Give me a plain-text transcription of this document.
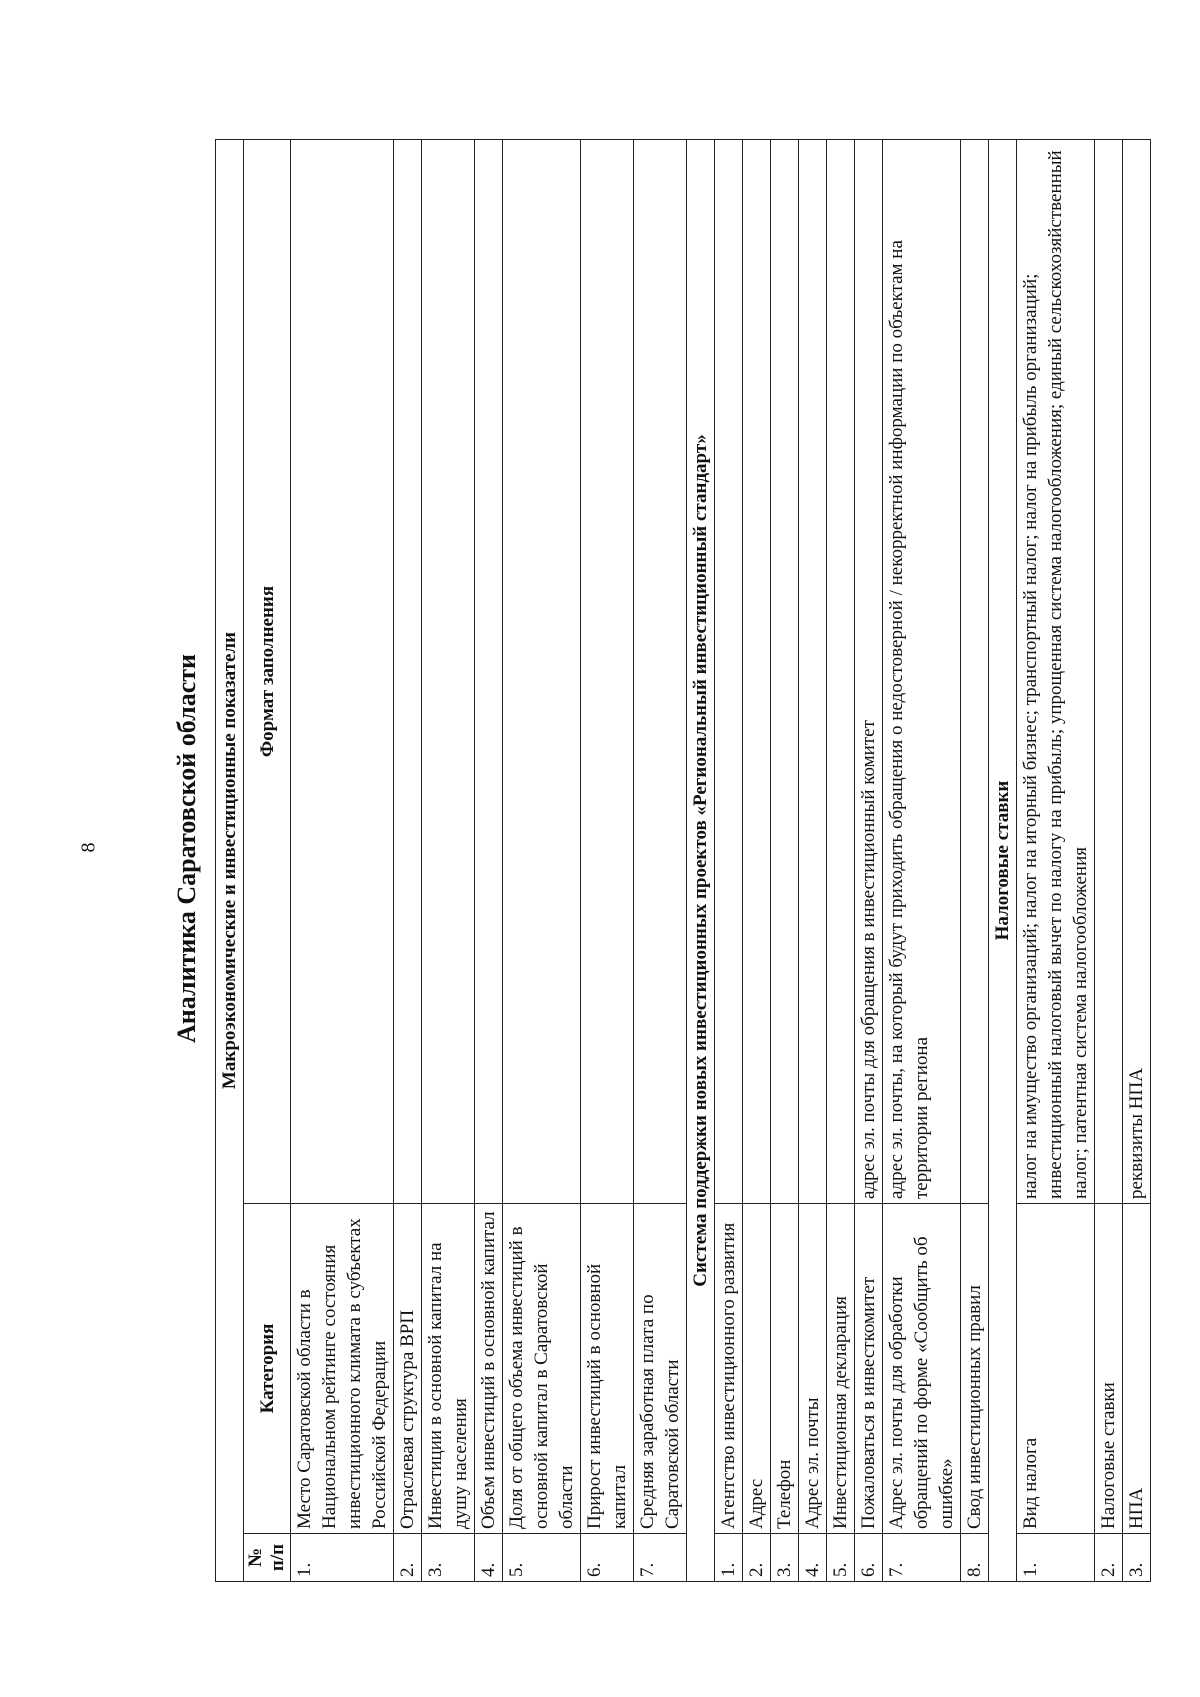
8	Аналитика Саратовской области Макроэкономические и инвестиционные показатели		
№ п/п	Категория	Формат заполнения
1.	Место Саратовской области в Национальном рейтинге состояния инвестиционного климата в субъектах Российской Федерации	
2.	Отраслевая структура ВРП	
3.	Инвестиции в основной капитал на душу населения	
4.	Объем инвестиций в основной капитал	
5.	Доля от общего объема инвестиций в основной капитал в Саратовской области	
6.	Прирост инвестиций в основной капитал	
7.	Средняя заработная плата по Саратовской области	
Система поддержки новых инвестиционных проектов «Региональный инвестиционный стандарт»		
1.	Агентство инвестиционного развития	
2.	Адрес	
3.	Телефон	
4.	Адрес эл. почты	
5.	Инвестиционная декларация	
6.	Пожаловаться в инвесткомитет	адрес эл. почты для обращения в инвестиционный комитет
7.	Адрес эл. почты для обработки обращений по форме «Сообщить об ошибке»	адрес эл. почты, на который будут приходить обращения о недостоверной / некорректной информации по объектам на территории региона
8.	Свод инвестиционных правил	
Налоговые ставки		
1.	Вид налога	налог на имущество организаций; налог на игорный бизнес; транспортный налог; налог на прибыль организаций; инвестиционный налоговый вычет по налогу на прибыль; упрощенная система налогообложения; единый сельскохозяйственный налог; патентная система налогообложения
2.	Налоговые ставки	
3.	НПА	реквизиты НПА
